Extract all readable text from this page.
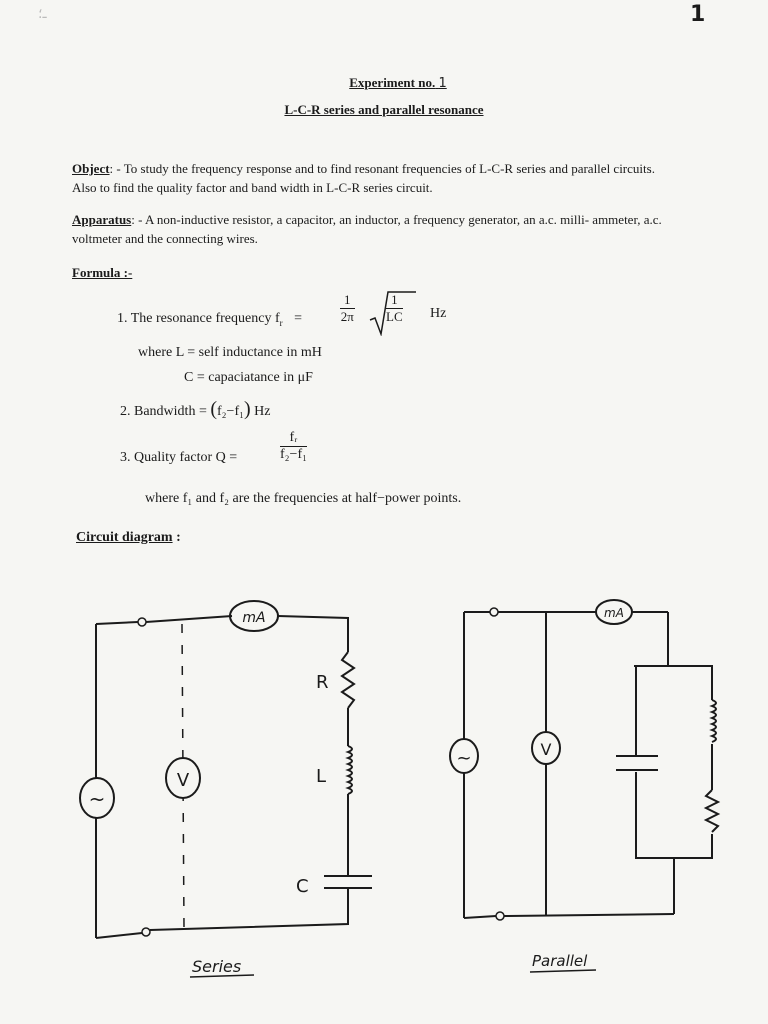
1
ـ؛
Experiment no. 1
L-C-R series and parallel resonance
Object: - To study the frequency response and to find resonant frequencies of L-C-R series and parallel circuits. Also to find the quality factor and band width in L-C-R series circuit.
Apparatus: - A non-inductive resistor, a capacitor, an inductor, a frequency generator, an a.c. milli- ammeter, a.c. voltmeter and the connecting wires.
Formula :-
1. The resonance frequency $f_r$ =	$\frac{1}{2\pi} \frac{1}{LC}$ Hz
where L = self inductance in mH
C = capaciatance in μF
2. Bandwidth = (f₂−f₁) Hz
3. Quality factor Q =	$\frac{\text{fᵣ}}{\text{f₂−f₁}}$
where f₁ and f₂ are the frequencies at half−power points.
Circuit diagram :
mA
R
L
C
~
V
Series
mA
V
~
Parallel
